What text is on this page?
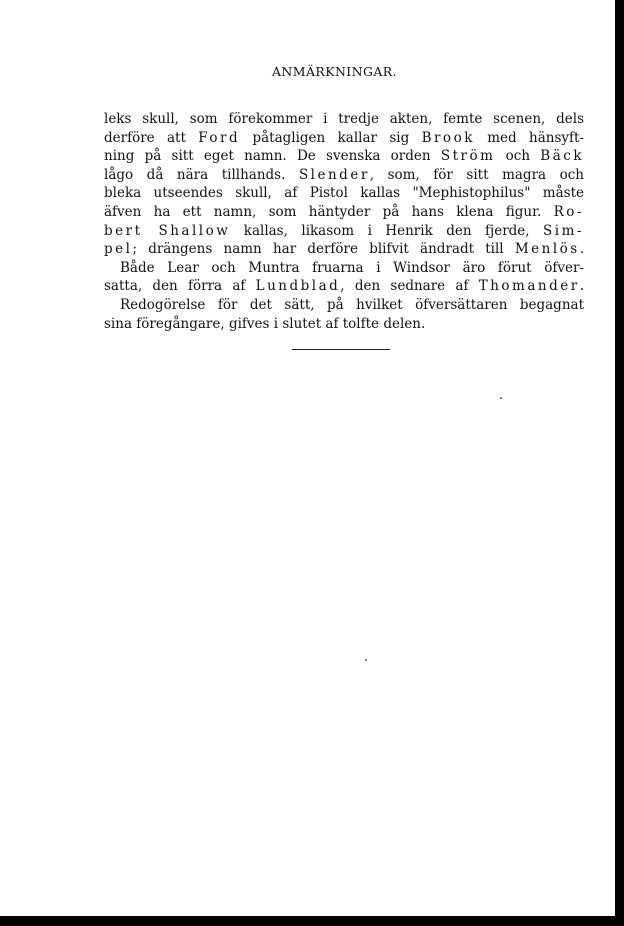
ANMÄRKNINGAR.
leks skull, som förekommer i tredje akten, femte scenen, dels
derföre att Ford påtagligen kallar sig Brook med hänsyft-
ning på sitt eget namn. De svenska orden Ström och Bäck
lågo då nära tillhands. Slender, som, för sitt magra och
bleka utseendes skull, af Pistol kallas "Mephistophilus" måste
äfven ha ett namn, som häntyder på hans klena figur. Ro-
bert Shallow kallas, likasom i Henrik den fjerde, Sim-
pel; drängens namn har derföre blifvit ändradt till Menlös.
Både Lear och Muntra fruarna i Windsor äro förut öfver-
satta, den förra af Lundblad, den sednare af Thomander.
Redogörelse för det sätt, på hvilket öfversättaren begagnat
sina föregångare, gifves i slutet af tolfte delen.
